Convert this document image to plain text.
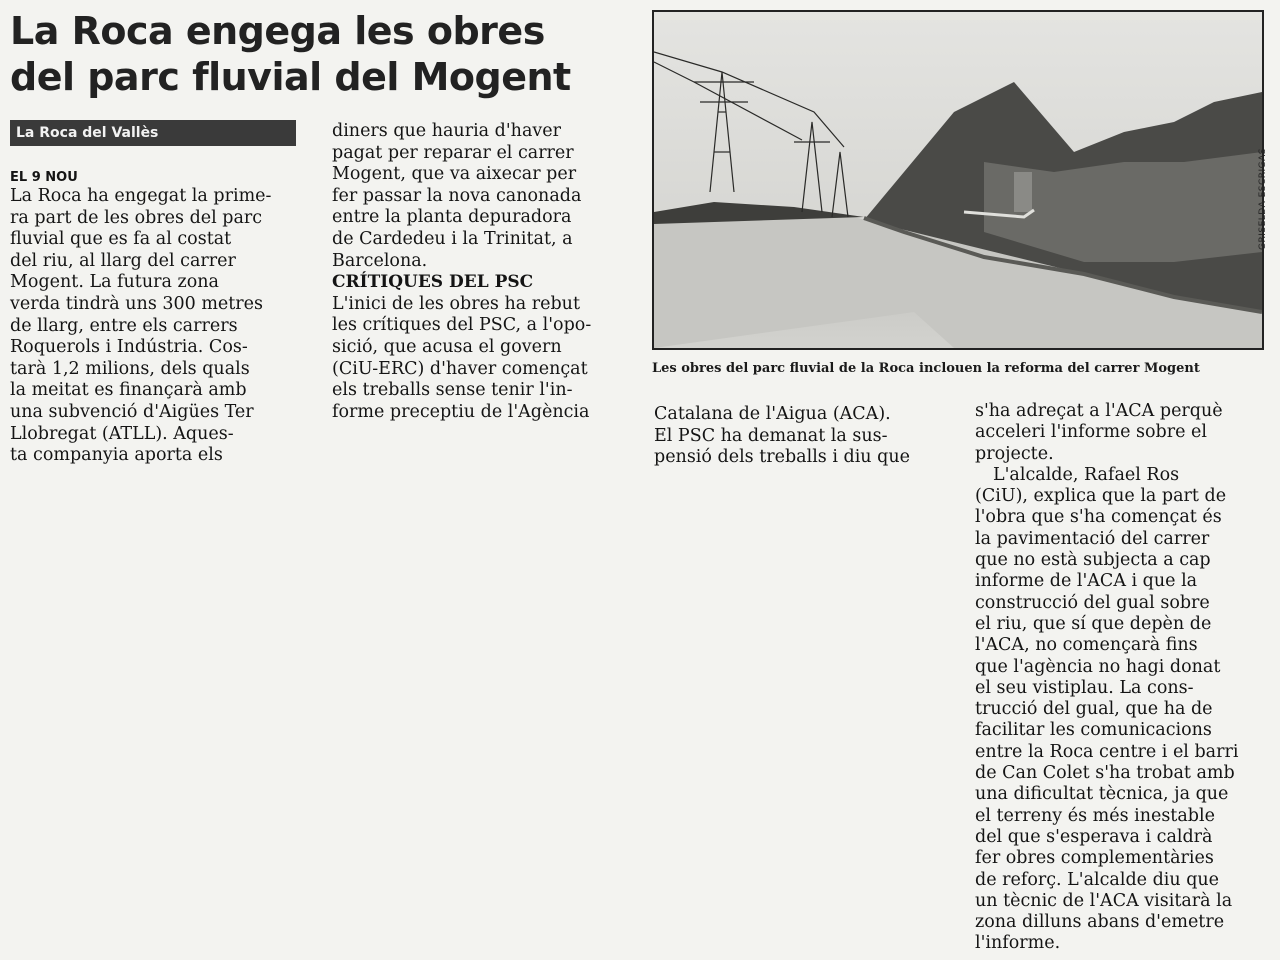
La Roca engega les obres
del parc fluvial del Mogent
La Roca del Vallès

EL 9 NOU

La Roca ha engegat la prime-
ra part de les obres del parc
fluvial que es fa al costat
del riu, al llarg del carrer
Mogent. La futura zona
verda tindrà uns 300 metres
de llarg, entre els carrers
Roquerols i Indústria. Cos-
tarà 1,2 milions, dels quals
la meitat es finançarà amb
una subvenció d'Aigües Ter
Llobregat (ATLL). Aques-
ta companyia aporta els

diners que hauria d'haver
pagat per reparar el carrer
Mogent, que va aixecar per
fer passar la nova canonada
entre la planta depuradora
de Cardedeu i la Trinitat, a
Barcelona.

CRÍTIQUES DEL PSC

L'inici de les obres ha rebut
les crítiques del PSC, a l'opo-
sició, que acusa el govern
(CiU-ERC) d'haver començat
els treballs sense tenir l'in-
forme preceptiu de l'Agència

GRISELDA ESCRIGAS
Les obres del parc fluvial de la Roca inclouen la reforma del carrer Mogent

Catalana de l'Aigua (ACA).
El PSC ha demanat la sus-
pensió dels treballs i diu que

s'ha adreçat a l'ACA perquè
acceleri l'informe sobre el
projecte.

L'alcalde, Rafael Ros
(CiU), explica que la part de
l'obra que s'ha començat és
la pavimentació del carrer
que no està subjecta a cap
informe de l'ACA i que la
construcció del gual sobre
el riu, que sí que depèn de
l'ACA, no començarà fins
que l'agència no hagi donat
el seu vistiplau. La cons-
trucció del gual, que ha de
facilitar les comunicacions
entre la Roca centre i el barri
de Can Colet s'ha trobat amb
una dificultat tècnica, ja que
el terreny és més inestable
del que s'esperava i caldrà
fer obres complementàries
de reforç. L'alcalde diu que
un tècnic de l'ACA visitarà la
zona dilluns abans d'emetre
l'informe.
